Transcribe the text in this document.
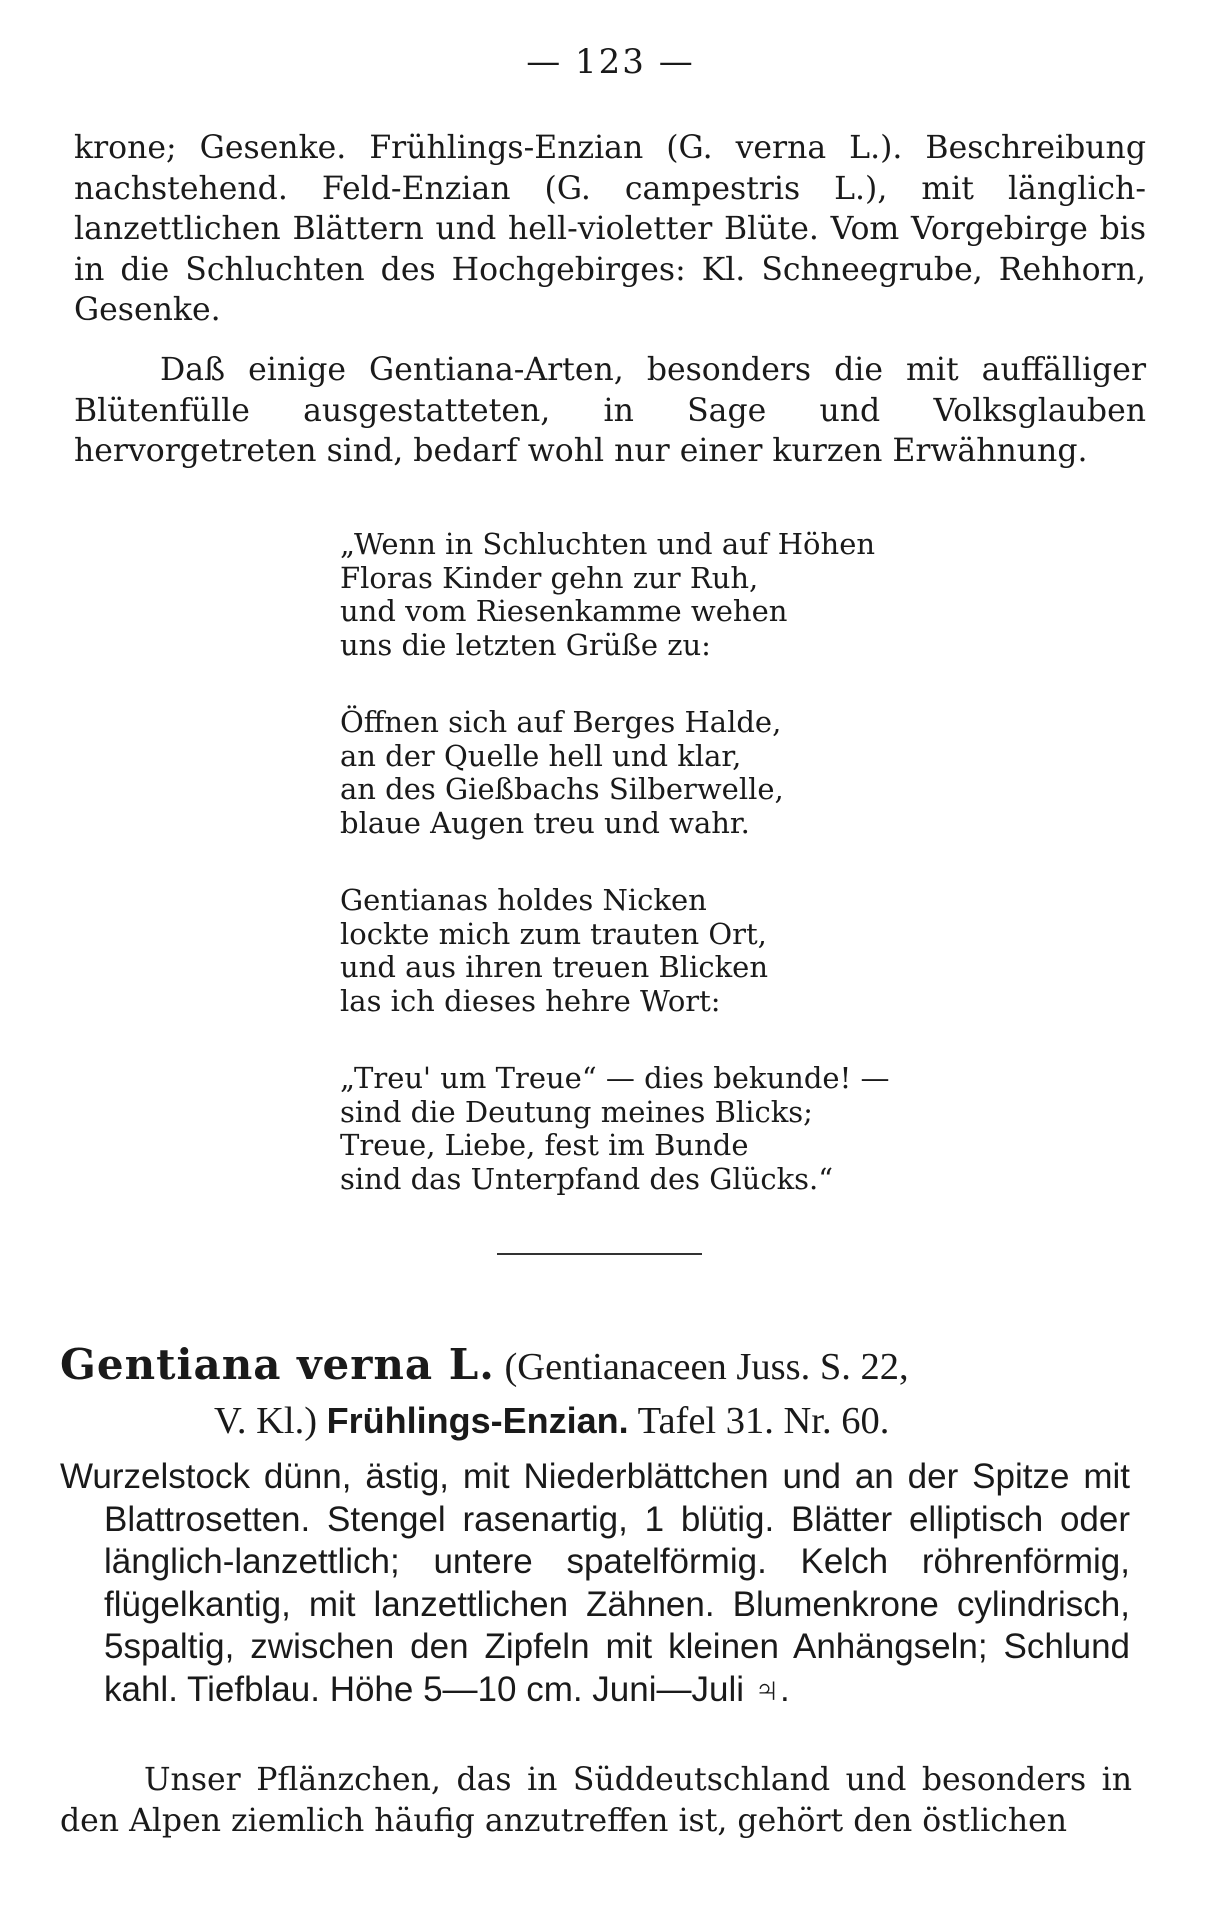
— 123 —
krone; Gesenke. Frühlings-Enzian (G. verna L.). Beschreibung nachstehend. Feld-Enzian (G. campestris L.), mit länglich-lanzettlichen Blättern und hell-violetter Blüte. Vom Vorgebirge bis in die Schluchten des Hochgebirges: Kl. Schneegrube, Rehhorn, Gesenke.
Daß einige Gentiana-Arten, besonders die mit auffälliger Blütenfülle ausgestatteten, in Sage und Volksglauben hervorgetreten sind, bedarf wohl nur einer kurzen Erwähnung.
„Wenn in Schluchten und auf Höhen
Floras Kinder gehn zur Ruh,
und vom Riesenkamme wehen
uns die letzten Grüße zu:
Öffnen sich auf Berges Halde,
an der Quelle hell und klar,
an des Gießbachs Silberwelle,
blaue Augen treu und wahr.
Gentianas holdes Nicken
lockte mich zum trauten Ort,
und aus ihren treuen Blicken
las ich dieses hehre Wort:
„Treu' um Treue“ — dies bekunde! —
sind die Deutung meines Blicks;
Treue, Liebe, fest im Bunde
sind das Unterpfand des Glücks.“
Gentiana verna L. (Gentianaceen Juss. S. 22,
V. Kl.) Frühlings-Enzian. Tafel 31. Nr. 60.
Wurzelstock dünn, ästig, mit Niederblättchen und an der Spitze mit Blattrosetten. Stengel rasenartig, 1 blütig. Blätter elliptisch oder länglich-lanzettlich; untere spatelförmig. Kelch röhrenförmig, flügelkantig, mit lanzettlichen Zähnen. Blumenkrone cylindrisch, 5spaltig, zwischen den Zipfeln mit kleinen Anhängseln; Schlund kahl. Tiefblau. Höhe 5—10 cm. Juni—Juli ♃.
Unser Pflänzchen, das in Süddeutschland und besonders in den Alpen ziemlich häufig anzutreffen ist, gehört den östlichen
